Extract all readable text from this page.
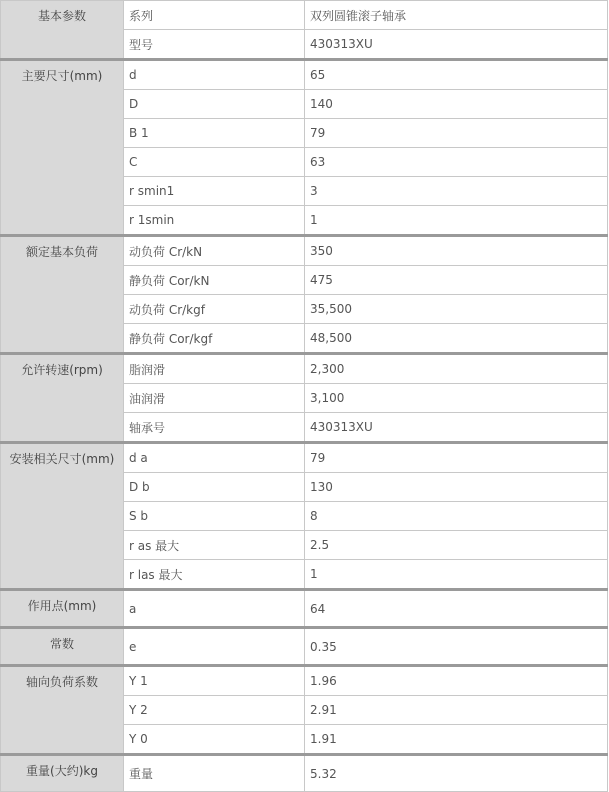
基本参数	系列	双列圆锥滚子轴承
	型号	430313XU
主要尺寸(mm)	d	65
	D	140
	B 1	79
	C	63
	r smin1	3
	r 1smin	1
额定基本负荷	动负荷 Cr/kN	350
	静负荷 Cor/kN	475
	动负荷 Cr/kgf	35,500
	静负荷 Cor/kgf	48,500
允许转速(rpm)	脂润滑	2,300
	油润滑	3,100
	轴承号	430313XU
安装相关尺寸(mm)	d a	79
	D b	130
	S b	8
	r as 最大	2.5
	r las 最大	1
作用点(mm)	a	64
常数	e	0.35
轴向负荷系数	Y 1	1.96
	Y 2	2.91
	Y 0	1.91
重量(大约)kg	重量	5.32
